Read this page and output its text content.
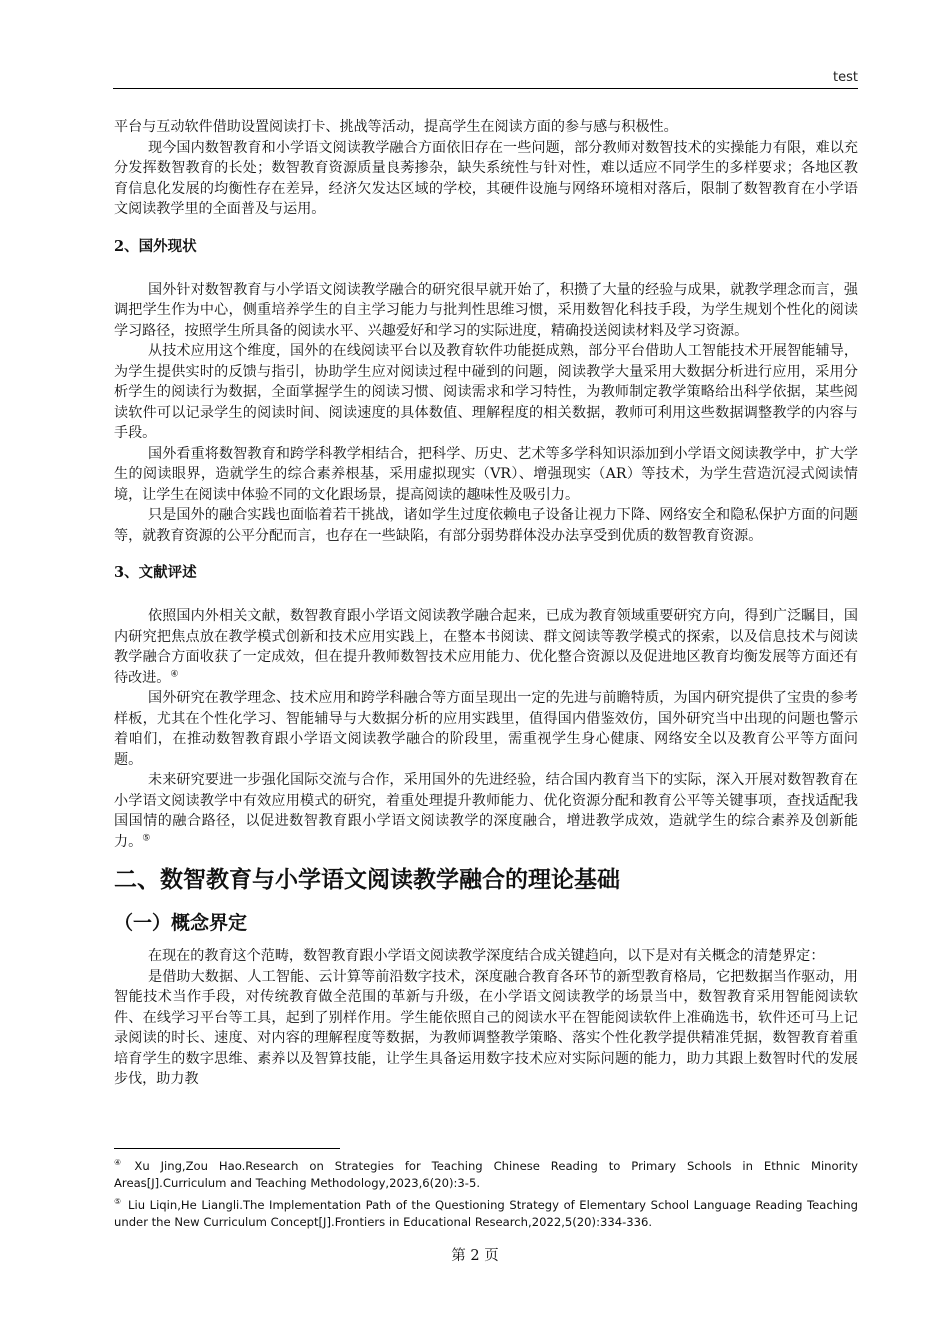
test

平台与互动软件借助设置阅读打卡、挑战等活动，提高学生在阅读方面的参与感与积极性。

现今国内数智教育和小学语文阅读教学融合方面依旧存在一些问题，部分教师对数智技术的实操能力有限，难以充分发挥数智教育的长处；数智教育资源质量良莠掺杂，缺失系统性与针对性，难以适应不同学生的多样要求；各地区教育信息化发展的均衡性存在差异，经济欠发达区域的学校，其硬件设施与网络环境相对落后，限制了数智教育在小学语文阅读教学里的全面普及与运用。

2、国外现状

国外针对数智教育与小学语文阅读教学融合的研究很早就开始了，积攒了大量的经验与成果，就教学理念而言，强调把学生作为中心，侧重培养学生的自主学习能力与批判性思维习惯，采用数智化科技手段，为学生规划个性化的阅读学习路径，按照学生所具备的阅读水平、兴趣爱好和学习的实际进度，精确投送阅读材料及学习资源。

从技术应用这个维度，国外的在线阅读平台以及教育软件功能挺成熟，部分平台借助人工智能技术开展智能辅导，为学生提供实时的反馈与指引，协助学生应对阅读过程中碰到的问题，阅读教学大量采用大数据分析进行应用，采用分析学生的阅读行为数据，全面掌握学生的阅读习惯、阅读需求和学习特性，为教师制定教学策略给出科学依据，某些阅读软件可以记录学生的阅读时间、阅读速度的具体数值、理解程度的相关数据，教师可利用这些数据调整教学的内容与手段。

国外看重将数智教育和跨学科教学相结合，把科学、历史、艺术等多学科知识添加到小学语文阅读教学中，扩大学生的阅读眼界，造就学生的综合素养根基，采用虚拟现实（VR）、增强现实（AR）等技术，为学生营造沉浸式阅读情境，让学生在阅读中体验不同的文化跟场景，提高阅读的趣味性及吸引力。

只是国外的融合实践也面临着若干挑战，诸如学生过度依赖电子设备让视力下降、网络安全和隐私保护方面的问题等，就教育资源的公平分配而言，也存在一些缺陷，有部分弱势群体没办法享受到优质的数智教育资源。

3、文献评述

依照国内外相关文献，数智教育跟小学语文阅读教学融合起来，已成为教育领域重要研究方向，得到广泛瞩目，国内研究把焦点放在教学模式创新和技术应用实践上，在整本书阅读、群文阅读等教学模式的探索，以及信息技术与阅读教学融合方面收获了一定成效，但在提升教师数智技术应用能力、优化整合资源以及促进地区教育均衡发展等方面还有待改进。④

国外研究在教学理念、技术应用和跨学科融合等方面呈现出一定的先进与前瞻特质，为国内研究提供了宝贵的参考样板，尤其在个性化学习、智能辅导与大数据分析的应用实践里，值得国内借鉴效仿，国外研究当中出现的问题也警示着咱们，在推动数智教育跟小学语文阅读教学融合的阶段里，需重视学生身心健康、网络安全以及教育公平等方面问题。

未来研究要进一步强化国际交流与合作，采用国外的先进经验，结合国内教育当下的实际，深入开展对数智教育在小学语文阅读教学中有效应用模式的研究，着重处理提升教师能力、优化资源分配和教育公平等关键事项，查找适配我国国情的融合路径，以促进数智教育跟小学语文阅读教学的深度融合，增进教学成效，造就学生的综合素养及创新能力。⑤

二、数智教育与小学语文阅读教学融合的理论基础
（一）概念界定

在现在的教育这个范畴，数智教育跟小学语文阅读教学深度结合成关键趋向，以下是对有关概念的清楚界定：

是借助大数据、人工智能、云计算等前沿数字技术，深度融合教育各环节的新型教育格局，它把数据当作驱动，用智能技术当作手段，对传统教育做全范围的革新与升级，在小学语文阅读教学的场景当中，数智教育采用智能阅读软件、在线学习平台等工具，起到了别样作用。学生能依照自己的阅读水平在智能阅读软件上准确选书，软件还可马上记录阅读的时长、速度、对内容的理解程度等数据，为教师调整教学策略、落实个性化教学提供精准凭据，数智教育着重培育学生的数字思维、素养以及智算技能，让学生具备运用数字技术应对实际问题的能力，助力其跟上数智时代的发展步伐，助力教

④ Xu Jing,Zou Hao.Research on Strategies for Teaching Chinese Reading to Primary Schools in Ethnic Minority Areas[J].Curriculum and Teaching Methodology,2023,6(20):3-5.

⑤ Liu Liqin,He Liangli.The Implementation Path of the Questioning Strategy of Elementary School Language Reading Teaching under the New Curriculum Concept[J].Frontiers in Educational Research,2022,5(20):334-336.

第 2 页
